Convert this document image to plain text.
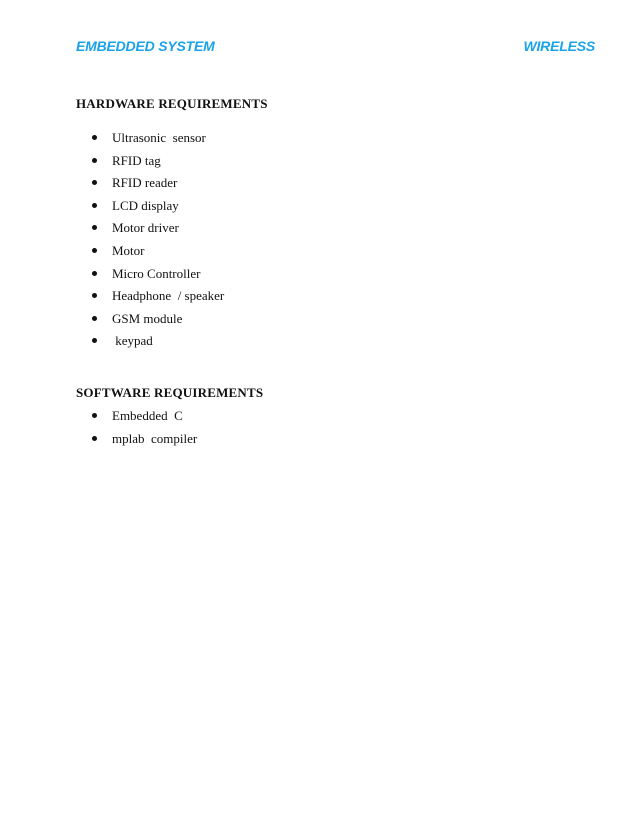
EMBEDDED SYSTEM	WIRELESS
HARDWARE REQUIREMENTS
Ultrasonic  sensor
RFID tag
RFID reader
LCD display
Motor driver
Motor
Micro Controller
Headphone  / speaker
GSM module
keypad
SOFTWARE REQUIREMENTS
Embedded  C
mplab  compiler
